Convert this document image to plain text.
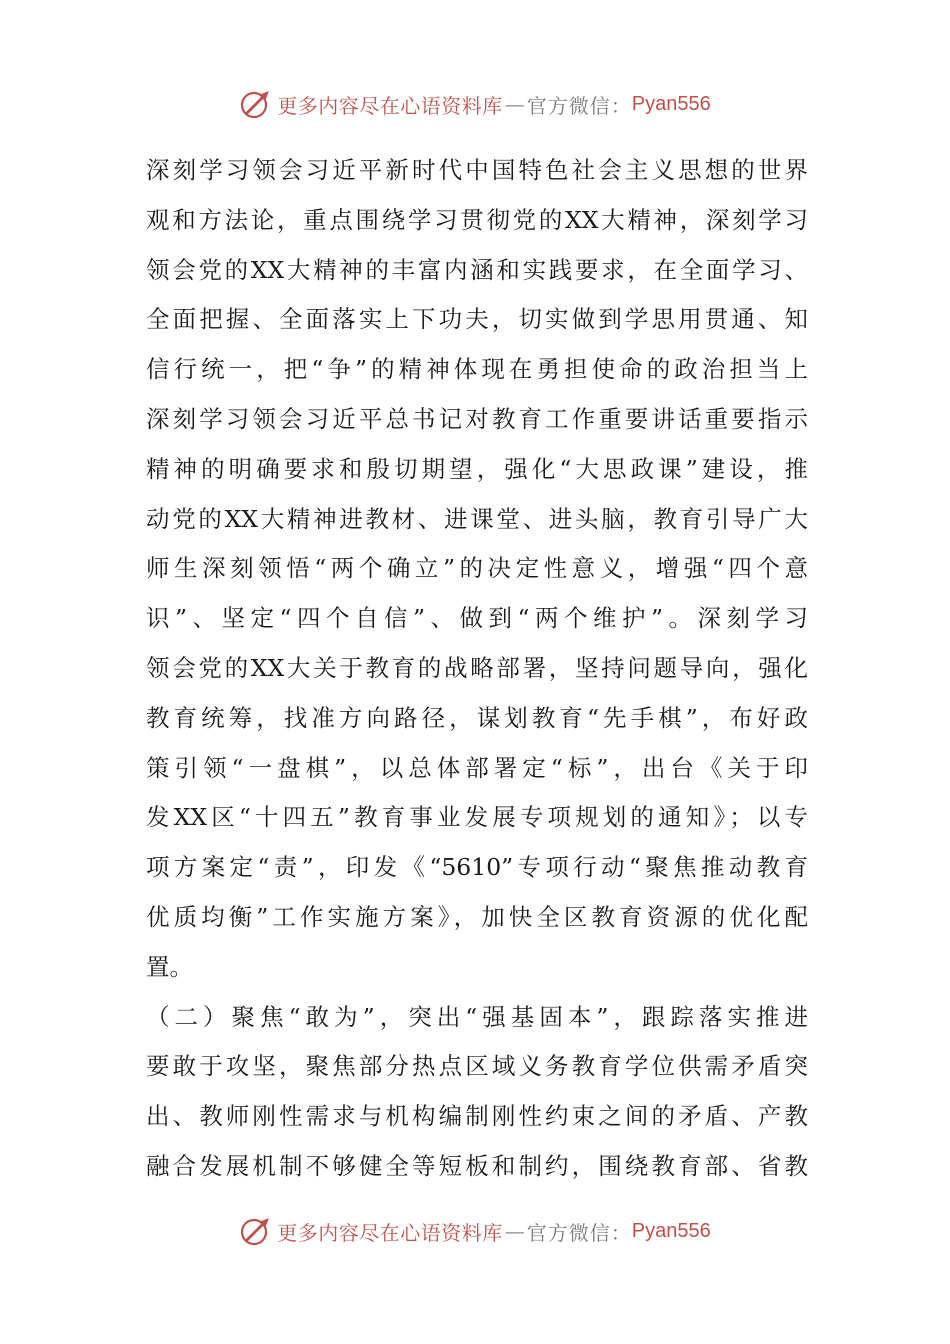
更多内容尽在心语资料库 — 官方微信： Pyan556
深刻学习领会习近平新时代中国特色社会主义思想的世界
观和方法论，重点围绕学习贯彻党的XX大精神，深刻学习
领会党的XX大精神的丰富内涵和实践要求，在全面学习、
全面把握、全面落实上下功夫，切实做到学思用贯通、知
信行统一，把“争”的精神体现在勇担使命的政治担当上
深刻学习领会习近平总书记对教育工作重要讲话重要指示
精神的明确要求和殷切期望，强化“大思政课”建设，推
动党的XX大精神进教材、进课堂、进头脑，教育引导广大
师生深刻领悟“两个确立”的决定性意义，增强“四个意
识”、坚定“四个自信”、做到“两个维护”。深刻学习
领会党的XX大关于教育的战略部署，坚持问题导向，强化
教育统筹，找准方向路径，谋划教育“先手棋”，布好政
策引领“一盘棋”，以总体部署定“标”，出台《关于印
发XX区“十四五”教育事业发展专项规划的通知》；以专
项方案定“责”，印发《“5610”专项行动“聚焦推动教育
优质均衡”工作实施方案》，加快全区教育资源的优化配
置。
（二）聚焦“敢为”，突出“强基固本”，跟踪落实推进
要敢于攻坚，聚焦部分热点区域义务教育学位供需矛盾突
出、教师刚性需求与机构编制刚性约束之间的矛盾、产教
融合发展机制不够健全等短板和制约，围绕教育部、省教
更多内容尽在心语资料库 — 官方微信： Pyan556
